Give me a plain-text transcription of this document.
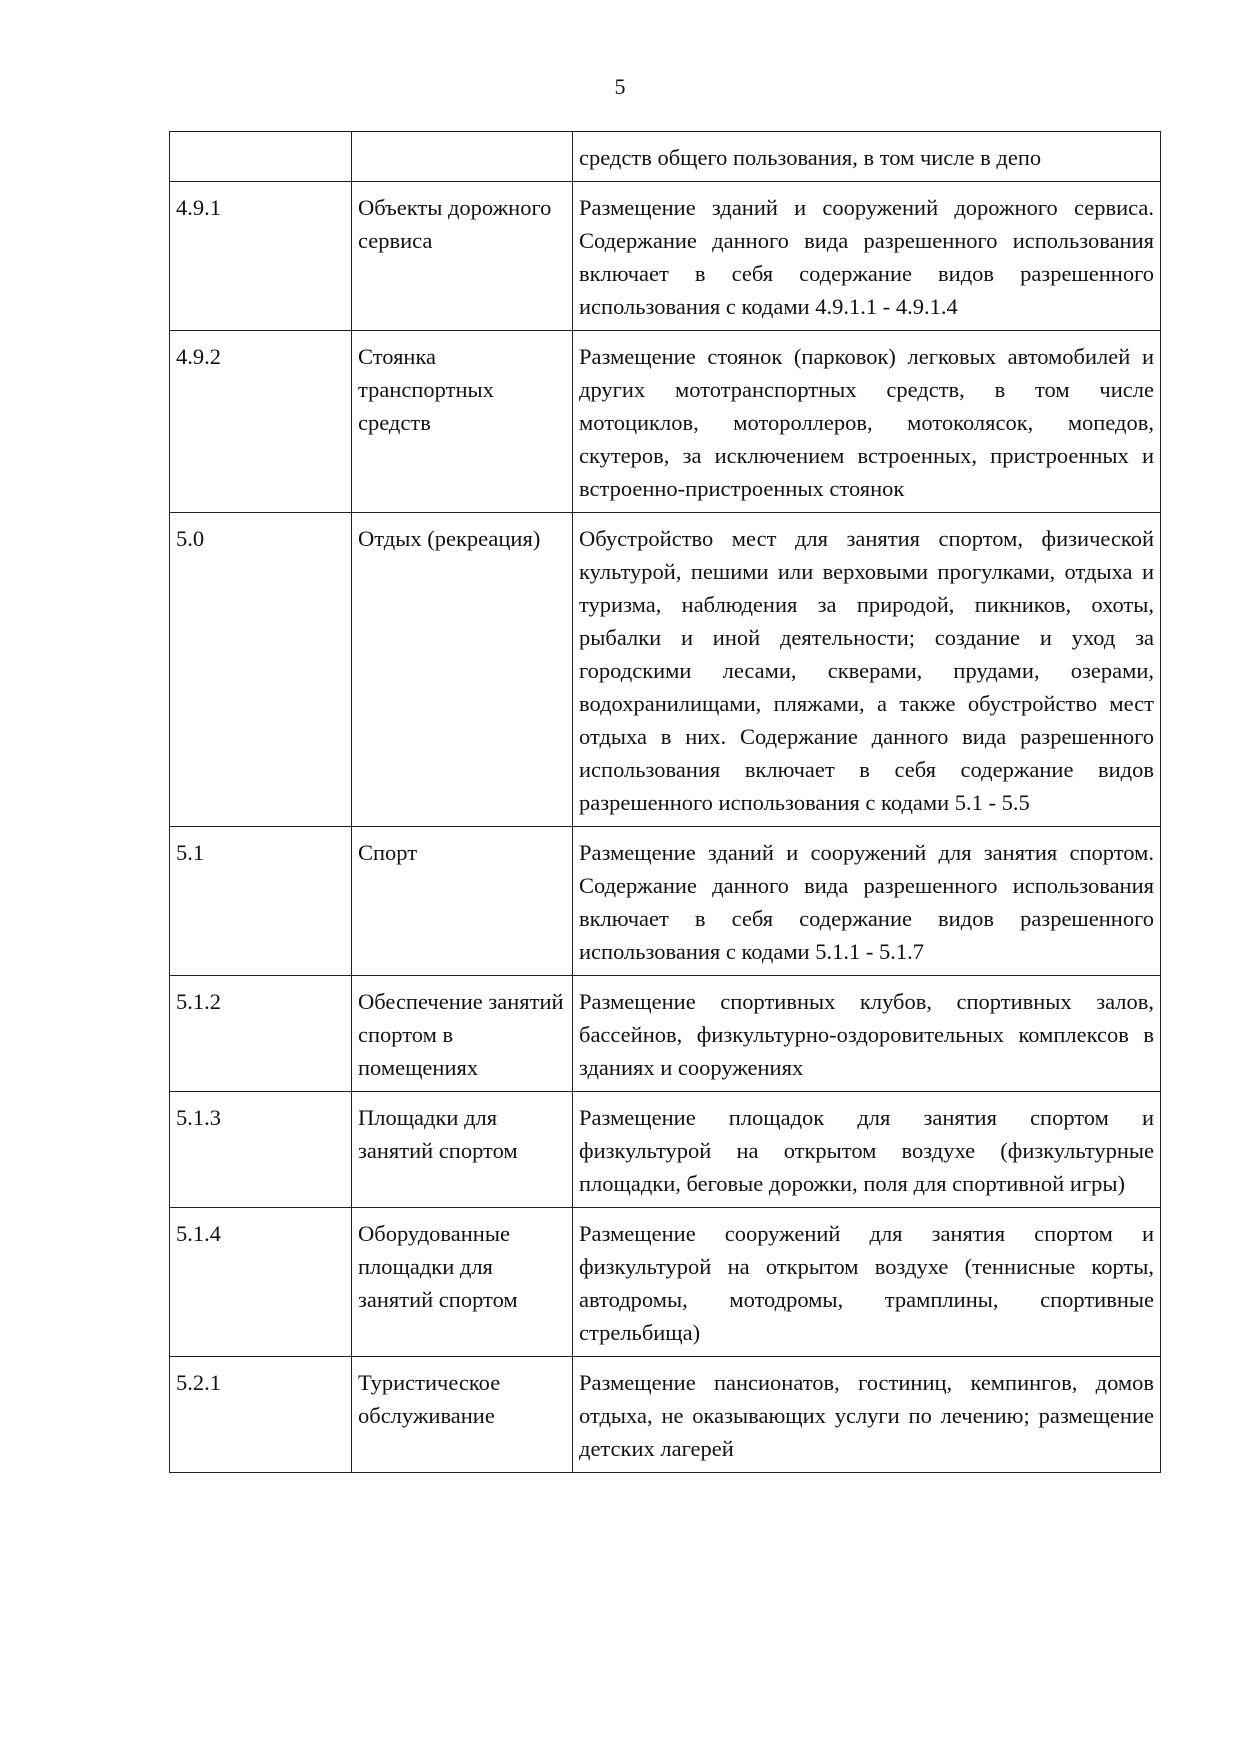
5
		средств общего пользования, в том числе в депо
4.9.1	Объекты дорожного сервиса	Размещение зданий и сооружений дорожного сервиса. Содержание данного вида разрешенного использования включает в себя содержание видов разрешенного использования с кодами 4.9.1.1 - 4.9.1.4
4.9.2	Стоянка транспортных средств	Размещение стоянок (парковок) легковых автомобилей и других мототранспортных средств, в том числе мотоциклов, мотороллеров, мотоколясок, мопедов, скутеров, за исключением встроенных, пристроенных и встроенно-пристроенных стоянок
5.0	Отдых (рекреация)	Обустройство мест для занятия спортом, физической культурой, пешими или верховыми прогулками, отдыха и туризма, наблюдения за природой, пикников, охоты, рыбалки и иной деятельности; создание и уход за городскими лесами, скверами, прудами, озерами, водохранилищами, пляжами, а также обустройство мест отдыха в них. Содержание данного вида разрешенного использования включает в себя содержание видов разрешенного использования с кодами 5.1 - 5.5
5.1	Спорт	Размещение зданий и сооружений для занятия спортом. Содержание данного вида разрешенного использования включает в себя содержание видов разрешенного использования с кодами 5.1.1 - 5.1.7
5.1.2	Обеспечение занятий спортом в помещениях	Размещение спортивных клубов, спортивных залов, бассейнов, физкультурно-оздоровительных комплексов в зданиях и сооружениях
5.1.3	Площадки для занятий спортом	Размещение площадок для занятия спортом и физкультурой на открытом воздухе (физкультурные площадки, беговые дорожки, поля для спортивной игры)
5.1.4	Оборудованные площадки для занятий спортом	Размещение сооружений для занятия спортом и физкультурой на открытом воздухе (теннисные корты, автодромы, мотодромы, трамплины, спортивные стрельбища)
5.2.1	Туристическое обслуживание	Размещение пансионатов, гостиниц, кемпингов, домов отдыха, не оказывающих услуги по лечению; размещение детских лагерей
